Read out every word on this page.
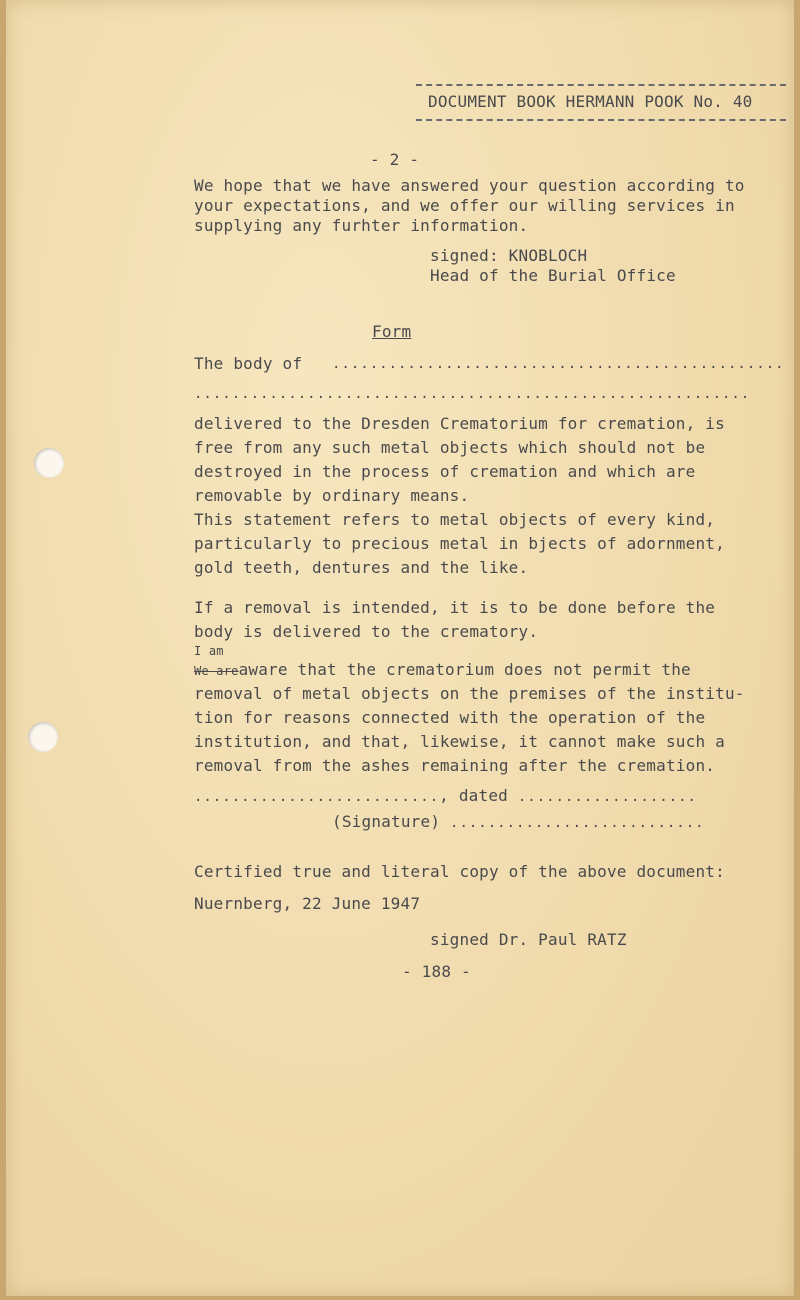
DOCUMENT BOOK HERMANN POOK No. 40
- 2 -
We hope that we have answered your question according to
your expectations, and we offer our willing services in
supplying any furhter information.
signed: KNOBLOCH
Head of the Burial Office
Form
The body of ................................................
...........................................................
delivered to the Dresden Crematorium for cremation, is
free from any such metal objects which should not be
destroyed in the process of cremation and which are
removable by ordinary means.
This statement refers to metal objects of every kind,
particularly to precious metal in bjects of adornment,
gold teeth, dentures and the like.
If a removal is intended, it is to be done before the
body is delivered to the crematory.
I am
We areaware that the crematorium does not permit the
removal of metal objects on the premises of the institu-
tion for reasons connected with the operation of the
institution, and that, likewise, it cannot make such a
removal from the ashes remaining after the cremation.
.........................., dated ...................
(Signature) ...........................
Certified true and literal copy of the above document:
Nuernberg, 22 June 1947
signed Dr. Paul RATZ
- 188 -
